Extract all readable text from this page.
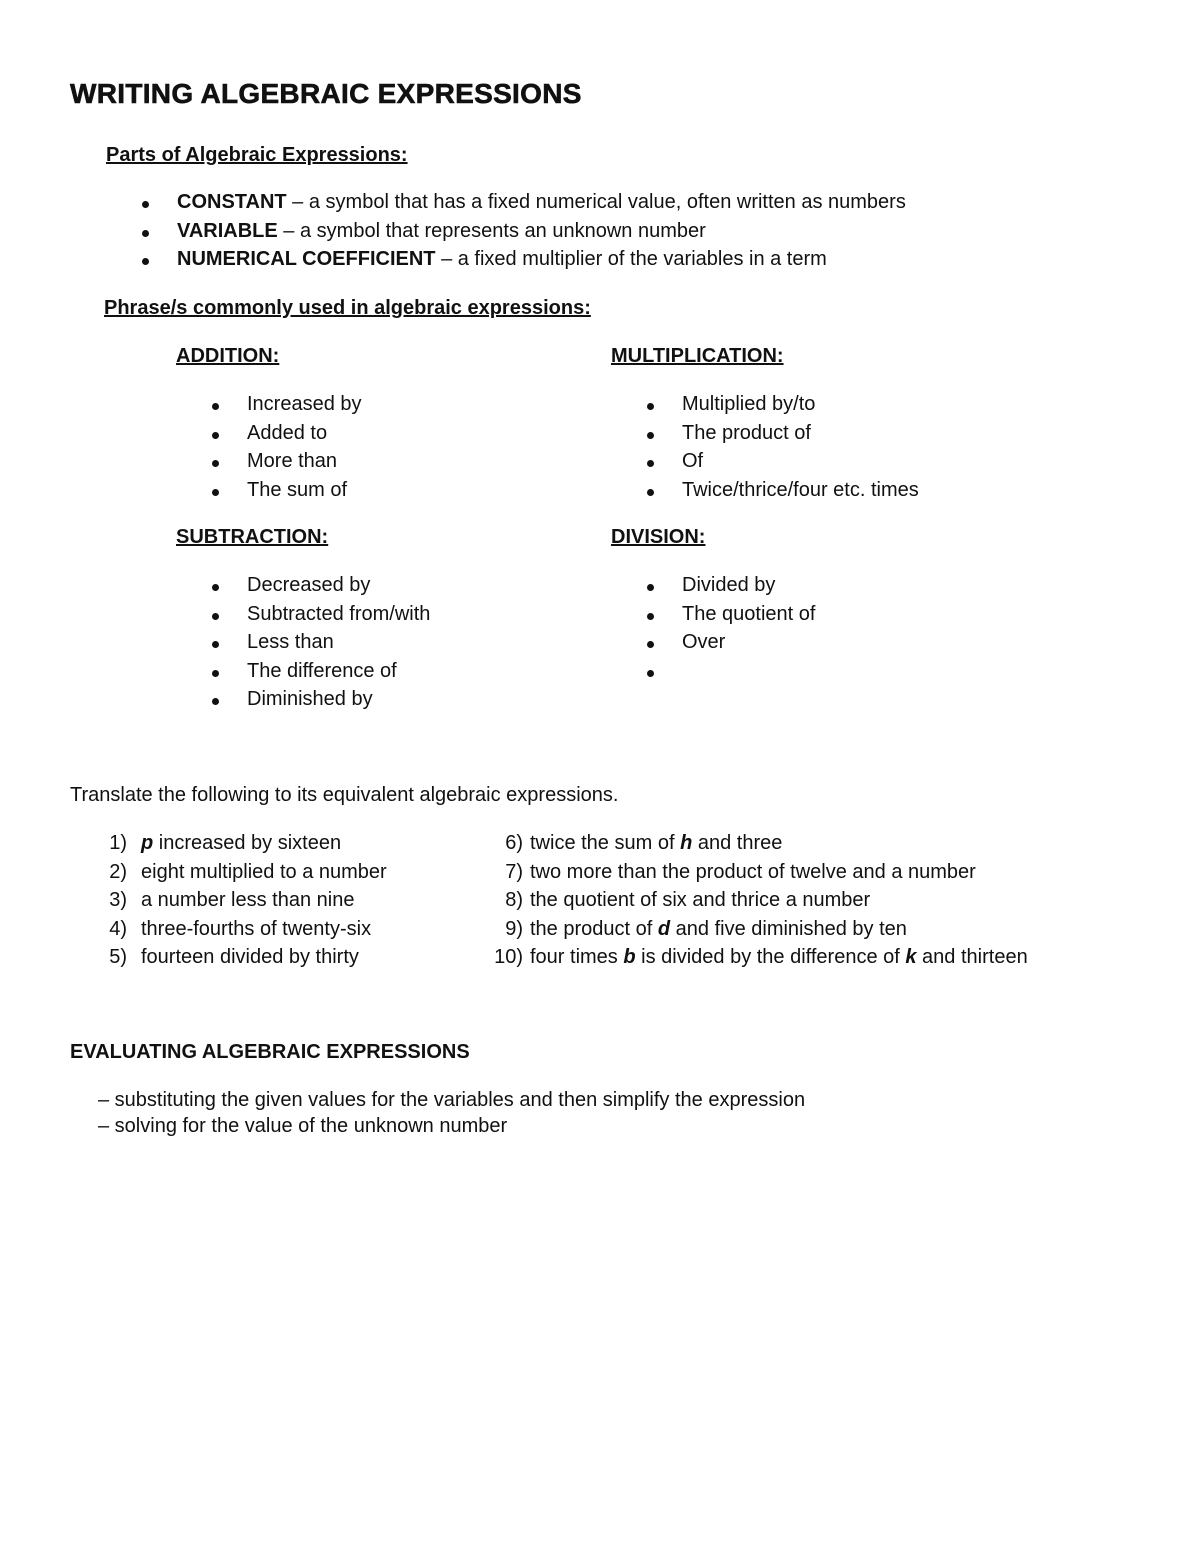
WRITING ALGEBRAIC EXPRESSIONS
Parts of Algebraic Expressions:
CONSTANT – a symbol that has a fixed numerical value, often written as numbers
VARIABLE – a symbol that represents an unknown number
NUMERICAL COEFFICIENT – a fixed multiplier of the variables in a term
Phrase/s commonly used in algebraic expressions:
ADDITION:	MULTIPLICATION:
SUBTRACTION:	DIVISION:
Increased by
Added to
More than
The sum of
Multiplied by/to
The product of
Of
Twice/thrice/four etc. times
Decreased by
Subtracted from/with
Less than
The difference of
Diminished by
Divided by
The quotient of
Over
Translate the following to its equivalent algebraic expressions.
1) p increased by sixteen
2) eight multiplied to a number
3) a number less than nine
4) three-fourths of twenty-six
5) fourteen divided by thirty
6) twice the sum of h and three
7) two more than the product of twelve and a number
8) the quotient of six and thrice a number
9) the product of d and five diminished by ten
10) four times b is divided by the difference of k and thirteen
EVALUATING ALGEBRAIC EXPRESSIONS
– substituting the given values for the variables and then simplify the expression
– solving for the value of the unknown number
